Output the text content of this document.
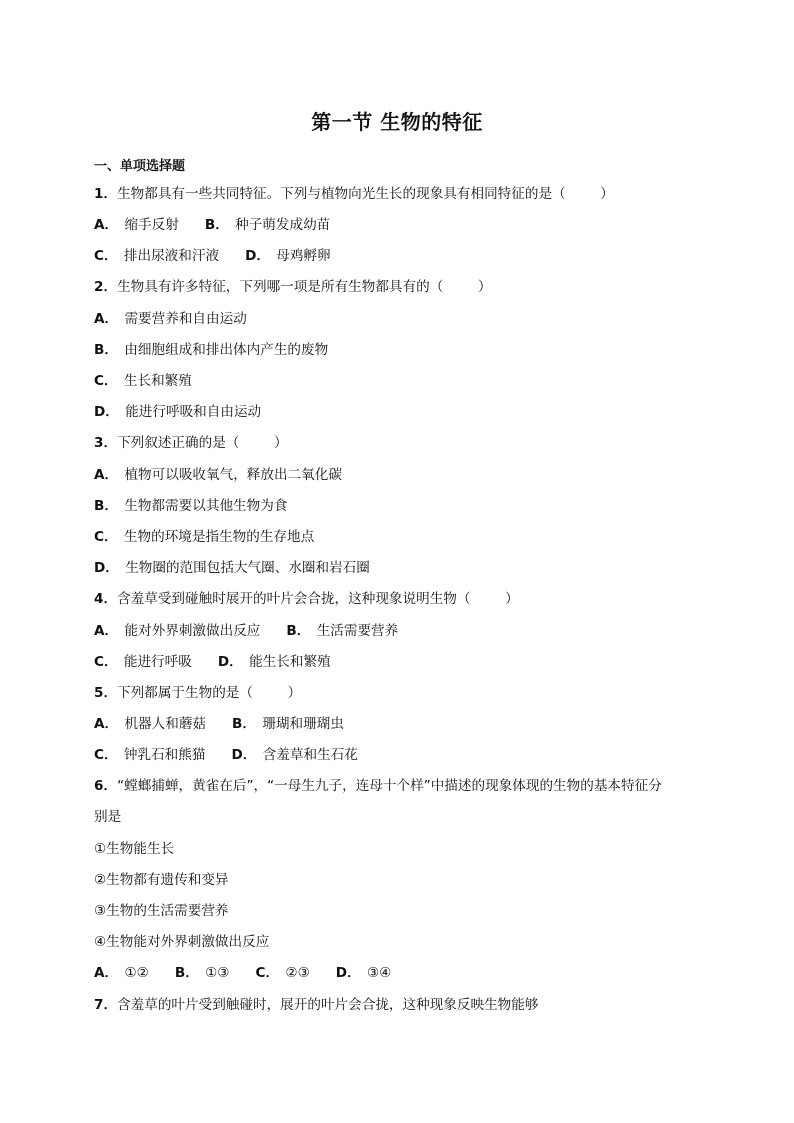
第一节 生物的特征
一、单项选择题
1．生物都具有一些共同特征。下列与植物向光生长的现象具有相同特征的是（        ）
A． 缩手反射 B． 种子萌发成幼苗
C． 排出尿液和汗液 D． 母鸡孵卵
2．生物具有许多特征，下列哪一项是所有生物都具有的（        ）
A． 需要营养和自由运动
B． 由细胞组成和排出体内产生的废物
C． 生长和繁殖
D． 能进行呼吸和自由运动
3．下列叙述正确的是（        ）
A． 植物可以吸收氧气，释放出二氧化碳
B． 生物都需要以其他生物为食
C． 生物的环境是指生物的生存地点
D． 生物圈的范围包括大气圈、水圈和岩石圈
4．含羞草受到碰触时展开的叶片会合拢，这种现象说明生物（        ）
A． 能对外界刺激做出反应 B． 生活需要营养
C． 能进行呼吸 D． 能生长和繁殖
5．下列都属于生物的是（        ）
A． 机器人和蘑菇 B． 珊瑚和珊瑚虫
C． 钟乳石和熊猫 D． 含羞草和生石花
6．“螳螂捕蝉，黄雀在后”，“一母生九子，连母十个样”中描述的现象体现的生物的基本特征分
别是
①生物能生长
②生物都有遗传和变异
③生物的生活需要营养
④生物能对外界刺激做出反应
A． ①② B． ①③ C． ②③ D． ③④
7．含羞草的叶片受到触碰时，展开的叶片会合拢，这种现象反映生物能够
